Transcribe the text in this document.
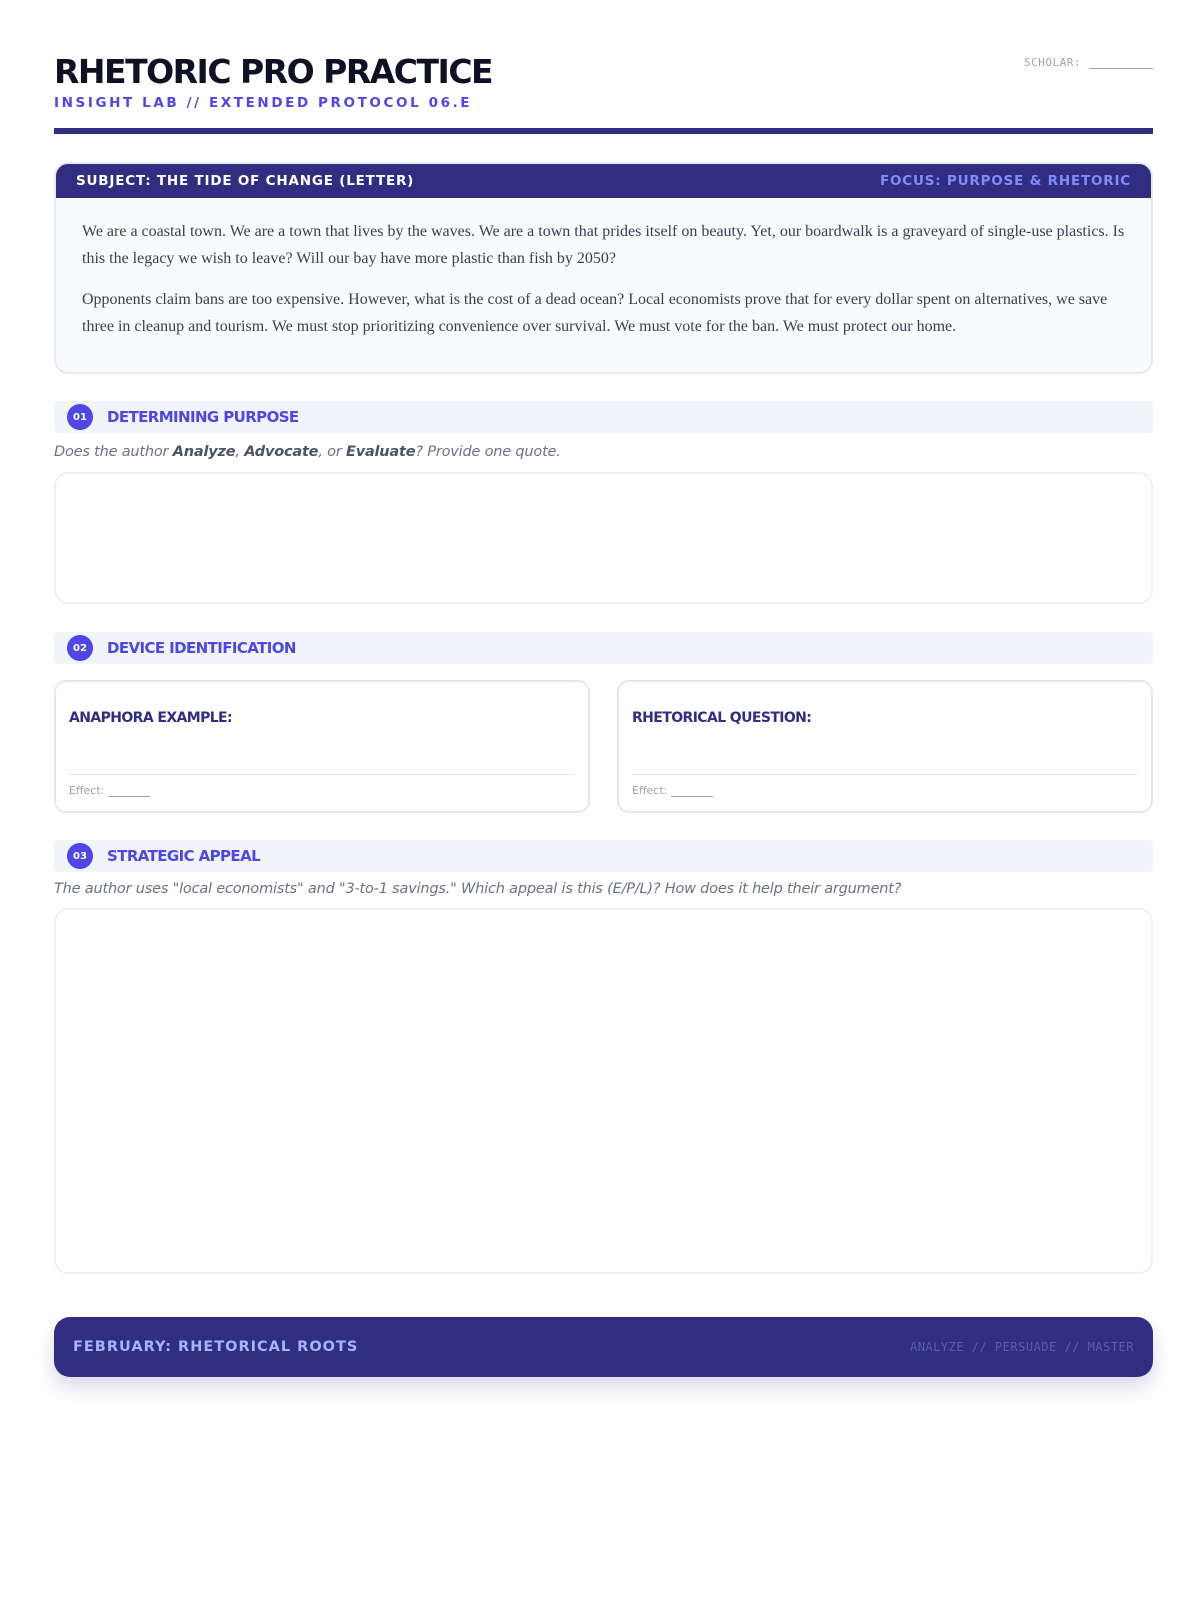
RHETORIC PRO PRACTICE
INSIGHT LAB // EXTENDED PROTOCOL 06.E
SCHOLAR:
SUBJECT: THE TIDE OF CHANGE (LETTER)	FOCUS: PURPOSE & RHETORIC

We are a coastal town. We are a town that lives by the waves. We are a town that prides itself on beauty. Yet, our boardwalk is a graveyard of single-use plastics. Is this the legacy we wish to leave? Will our bay have more plastic than fish by 2050?

Opponents claim bans are too expensive. However, what is the cost of a dead ocean? Local economists prove that for every dollar spent on alternatives, we save three in cleanup and tourism. We must stop prioritizing convenience over survival. We must vote for the ban. We must protect our home.

01	DETERMINING PURPOSE
Does the author Analyze, Advocate, or Evaluate? Provide one quote.
02	DEVICE IDENTIFICATION
ANAPHORA EXAMPLE:
Effect:
RHETORICAL QUESTION:
Effect:
03	STRATEGIC APPEAL
The author uses "local economists" and "3-to-1 savings." Which appeal is this (E/P/L)? How does it help their argument?
FEBRUARY: RHETORICAL ROOTS	ANALYZE // PERSUADE // MASTER
